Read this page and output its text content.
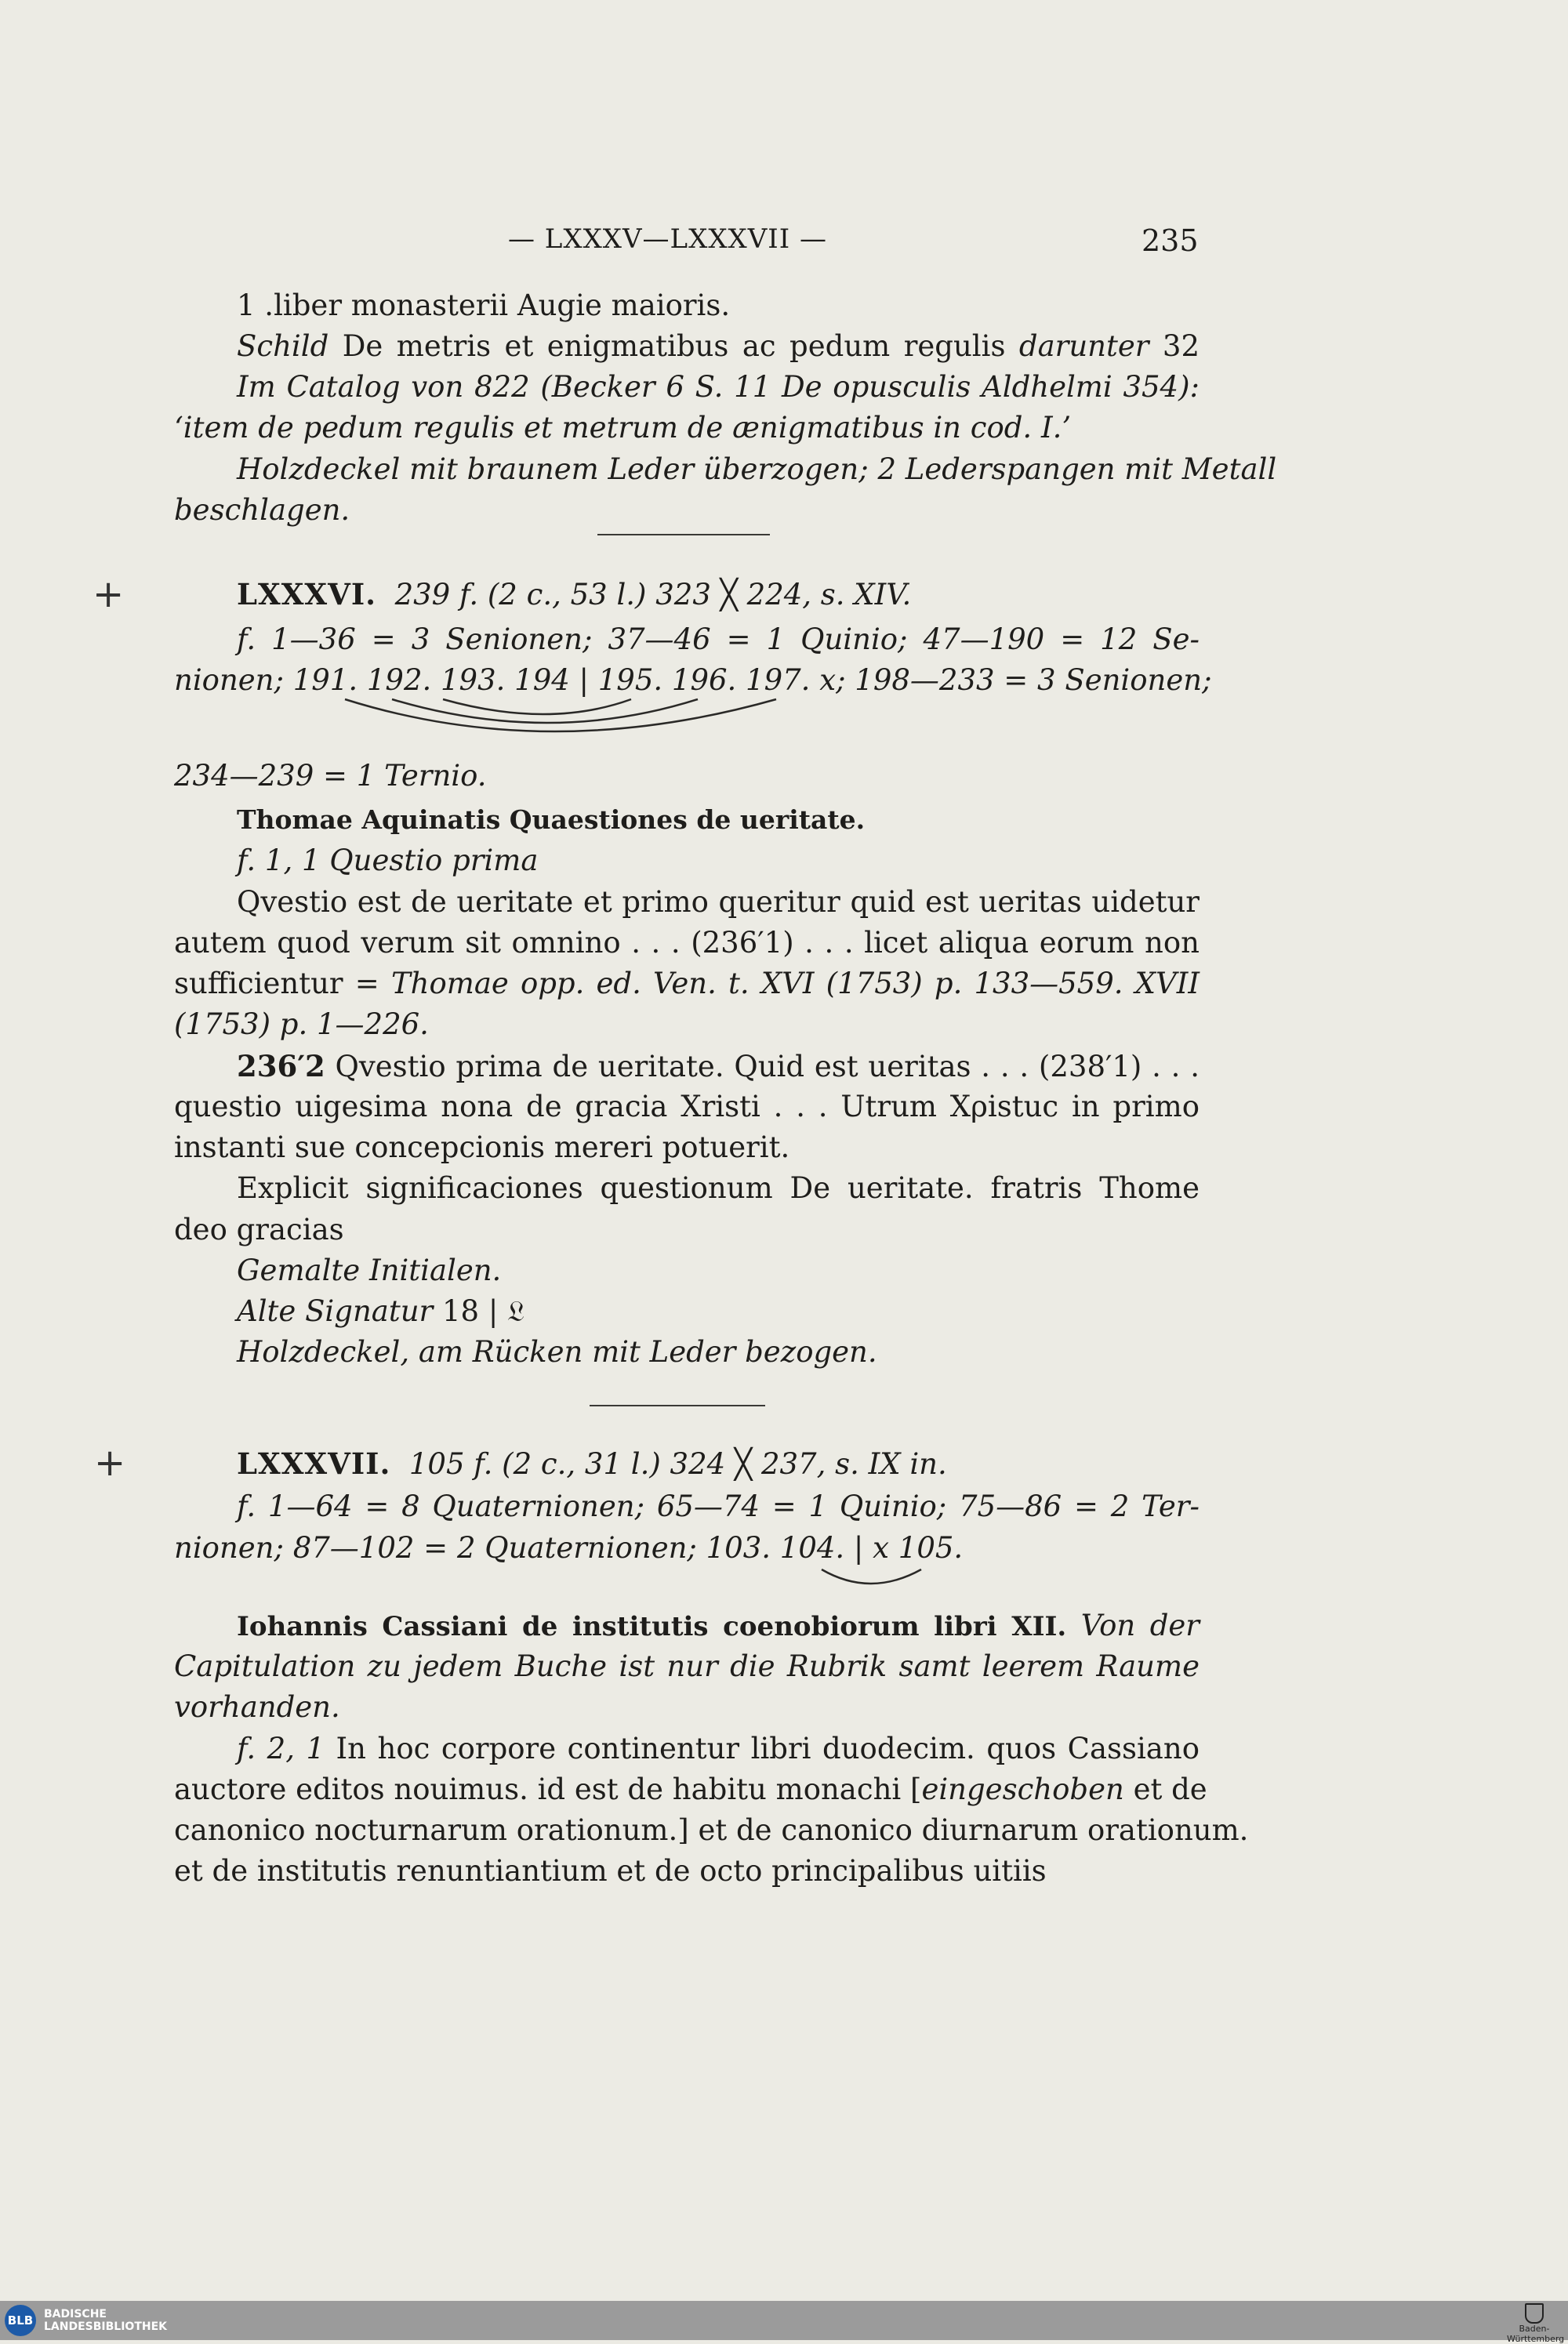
— LXXXV—LXXXVII —	235
1 .liber monasterii Augie maioris.
Schild De metris et enigmatibus ac pedum regulis darunter 32
Im Catalog von 822 (Becker 6 S. 11 De opusculis Aldhelmi 354):
‘item de pedum regulis et metrum de ænigmatibus in cod. I.’
Holzdeckel mit braunem Leder überzogen; 2 Lederspangen mit Metall
beschlagen.
+	LXXXVI. 239 f. (2 c., 53 l.) 323 ╳ 224, s. XIV.
f. 1—36 = 3 Senionen; 37—46 = 1 Quinio; 47—190 = 12 Se-
nionen; 191. 192. 193. 194 | 195. 196. 197. x; 198—233 = 3 Senionen;
234—239 = 1 Ternio.
Thomae Aquinatis Quaestiones de ueritate.
f. 1, 1 Questio prima
Qvestio est de ueritate et primo queritur quid est ueritas uidetur
autem quod verum sit omnino . . . (236′1) . . . licet aliqua eorum non
sufficientur = Thomae opp. ed. Ven. t. XVI (1753) p. 133—559. XVII
(1753) p. 1—226.
236′2 Qvestio prima de ueritate. Quid est ueritas . . . (238′1) . . .
questio uigesima nona de gracia Xristi . . . Utrum Χρistuc in primo
instanti sue concepcionis mereri potuerit.
Explicit significaciones questionum De ueritate. fratris Thome
deo gracias
Gemalte Initialen.
Alte Signatur 18 | 𝔏
Holzdeckel, am Rücken mit Leder bezogen.
+	LXXXVII. 105 f. (2 c., 31 l.) 324 ╳ 237, s. IX in.
f. 1—64 = 8 Quaternionen; 65—74 = 1 Quinio; 75—86 = 2 Ter-
nionen; 87—102 = 2 Quaternionen; 103. 104. | x 105.
Iohannis Cassiani de institutis coenobiorum libri XII. Von der
Capitulation zu jedem Buche ist nur die Rubrik samt leerem Raume
vorhanden.
f. 2, 1 In hoc corpore continentur libri duodecim. quos Cassiano
auctore editos nouimus. id est de habitu monachi [eingeschoben et de
canonico nocturnarum orationum.] et de canonico diurnarum orationum.
et de institutis renuntiantium et de octo principalibus uitiis
BLB BADISCHE
LANDESBIBLIOTHEK	Baden-Württemberg
